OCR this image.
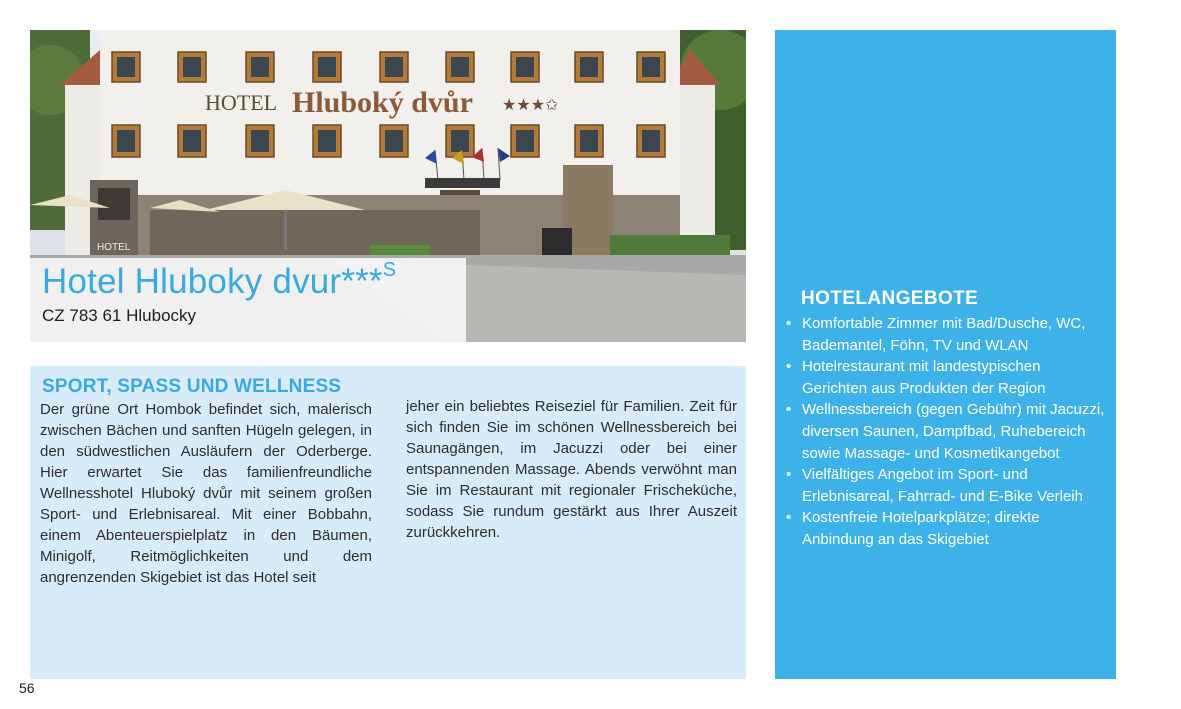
HOTEL Hluboký dvůr ★★★✩
HOTEL
Hotel Hluboky dvur***$^S$

CZ 783 61 Hlubocky

SPORT, SPASS UND WELLNESS

Der grüne Ort Hombok befindet sich, malerisch zwischen Bächen und sanften Hügeln gelegen, in den südwestlichen Ausläufern der Oderberge. Hier erwartet Sie das familienfreundliche Wellnesshotel Hluboký dvůr mit seinem großen Sport- und Erlebnisareal. Mit einer Bobbahn, einem Abenteuerspielplatz in den Bäumen, Minigolf, Reitmöglichkeiten und dem angrenzenden Skigebiet ist das Hotel seit

jeher ein beliebtes Reiseziel für Familien. Zeit für sich finden Sie im schönen Wellnessbereich bei Saunagängen, im Jacuzzi oder bei einer entspannenden Massage. Abends verwöhnt man Sie im Restaurant mit regionaler Frischeküche, sodass Sie rundum gestärkt aus Ihrer Auszeit zurückkehren.

HOTELANGEBOTE
• Komfortable Zimmer mit Bad/Dusche, WC, Bademantel, Föhn, TV und WLAN
• Hotelrestaurant mit landestypischen Gerichten aus Produkten der Region
• Wellnessbereich (gegen Gebühr) mit Jacuzzi, diversen Saunen, Dampfbad, Ruhebereich sowie Massage- und Kosmetikangebot
• Vielfältiges Angebot im Sport- und Erlebnisareal, Fahrrad- und E-Bike Verleih
• Kostenfreie Hotelparkplätze; direkte Anbindung an das Skigebiet

56
